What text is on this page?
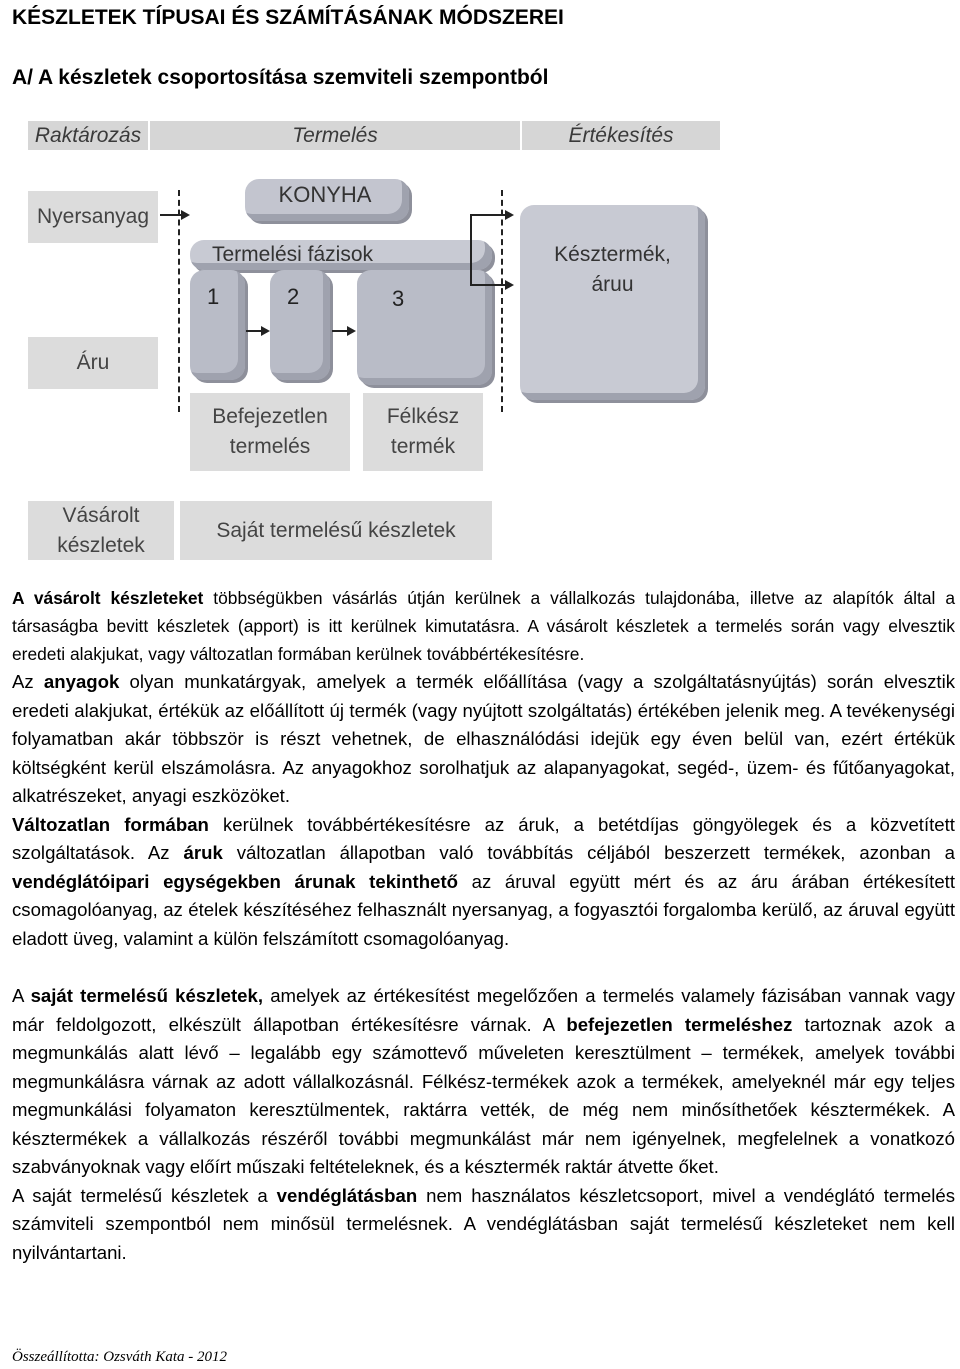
KÉSZLETEK TÍPUSAI ÉS SZÁMÍTÁSÁNAK MÓDSZEREI
A/ A készletek csoportosítása szemviteli szempontból
Raktározás	Termelés	Értékesítés
Nyersanyag
Áru
KONYHA
Termelési fázisok
1	2	3
Késztermék,
áruu
Befejezetlen
termelés
Félkész
termék
Vásárolt
készletek
Saját termelésű készletek

A vásárolt készleteket többségükben vásárlás útján kerülnek a vállalkozás tulajdonába, illetve az alapítók által a társaságba bevitt készletek (apport) is itt kerülnek kimutatásra. A vásárolt készletek a termelés során vagy elvesztik eredeti alakjukat, vagy változatlan formában kerülnek továbbértékesítésre.

Az anyagok olyan munkatárgyak, amelyek a termék előállítása (vagy a szolgáltatásnyújtás) során elvesztik eredeti alakjukat, értékük az előállított új termék (vagy nyújtott szolgáltatás) értékében jelenik meg. A tevékenységi folyamatban akár többször is részt vehetnek, de elhasználódási idejük egy éven belül van, ezért értékük költségként kerül elszámolásra. Az anyagokhoz sorolhatjuk az alapanyagokat, segéd-, üzem- és fűtőanyagokat, alkatrészeket, anyagi eszközöket.

Változatlan formában kerülnek továbbértékesítésre az áruk, a betétdíjas göngyölegek és a közvetített szolgáltatások. Az áruk változatlan állapotban való továbbítás céljából beszerzett termékek, azonban a vendéglátóipari egységekben árunak tekinthető az áruval együtt mért és az áru árában értékesített csomagolóanyag, az ételek készítéséhez felhasznált nyersanyag, a fogyasztói forgalomba kerülő, az áruval együtt eladott üveg, valamint a külön felszámított csomagolóanyag.

A saját termelésű készletek, amelyek az értékesítést megelőzően a termelés valamely fázisában vannak vagy már feldolgozott, elkészült állapotban értékesítésre várnak. A befejezetlen termeléshez tartoznak azok a megmunkálás alatt lévő – legalább egy számottevő műveleten keresztülment – termékek, amelyek további megmunkálásra várnak az adott vállalkozásnál. Félkész-termékek azok a termékek, amelyeknél már egy teljes megmunkálási folyamaton keresztülmentek, raktárra vették, de még nem minősíthetőek késztermékek. A késztermékek a vállalkozás részéről további megmunkálást már nem igényelnek, megfelelnek a vonatkozó szabványoknak vagy előírt műszaki feltételeknek, és a késztermék raktár átvette őket.

A saját termelésű készletek a vendéglátásban nem használatos készletcsoport, mivel a vendéglátó termelés számviteli szempontból nem minősül termelésnek. A vendéglátásban saját termelésű készleteket nem kell nyilvántartani.

Összeállította: Ozsváth Kata - 2012
